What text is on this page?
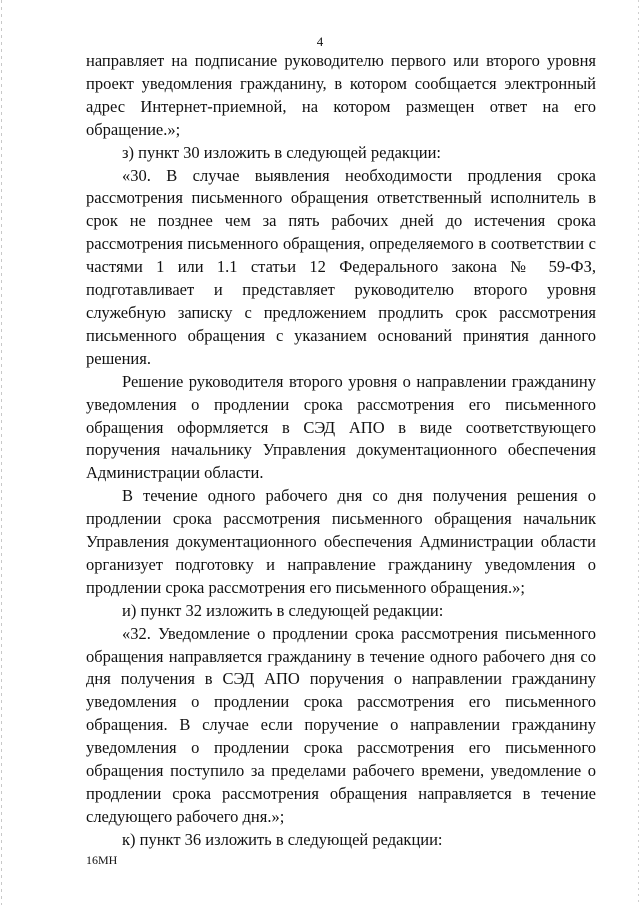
4

направляет на подписание руководителю первого или второго уровня проект уведомления гражданину, в котором сообщается электронный адрес Интернет-приемной, на котором размещен ответ на его обращение.»;

з) пункт 30 изложить в следующей редакции:

«30. В случае выявления необходимости продления срока рассмотрения письменного обращения ответственный исполнитель в срок не позднее чем за пять рабочих дней до истечения срока рассмотрения письменного обращения, определяемого в соответствии с частями 1 или 1.1 статьи 12 Федерального закона № 59-ФЗ, подготавливает и представляет руководителю второго уровня служебную записку с предложением продлить срок рассмотрения письменного обращения с указанием оснований принятия данного решения.

Решение руководителя второго уровня о направлении гражданину уведомления о продлении срока рассмотрения его письменного обращения оформляется в СЭД АПО в виде соответствующего поручения начальнику Управления документационного обеспечения Администрации области.

В течение одного рабочего дня со дня получения решения о продлении срока рассмотрения письменного обращения начальник Управления документационного обеспечения Администрации области организует подготовку и направление гражданину уведомления о продлении срока рассмотрения его письменного обращения.»;

и) пункт 32 изложить в следующей редакции:

«32. Уведомление о продлении срока рассмотрения письменного обращения направляется гражданину в течение одного рабочего дня со дня получения в СЭД АПО поручения о направлении гражданину уведомления о продлении срока рассмотрения его письменного обращения. В случае если поручение о направлении гражданину уведомления о продлении срока рассмотрения его письменного обращения поступило за пределами рабочего времени, уведомление о продлении срока рассмотрения обращения направляется в течение следующего рабочего дня.»;

к) пункт 36 изложить в следующей редакции:

16МН
